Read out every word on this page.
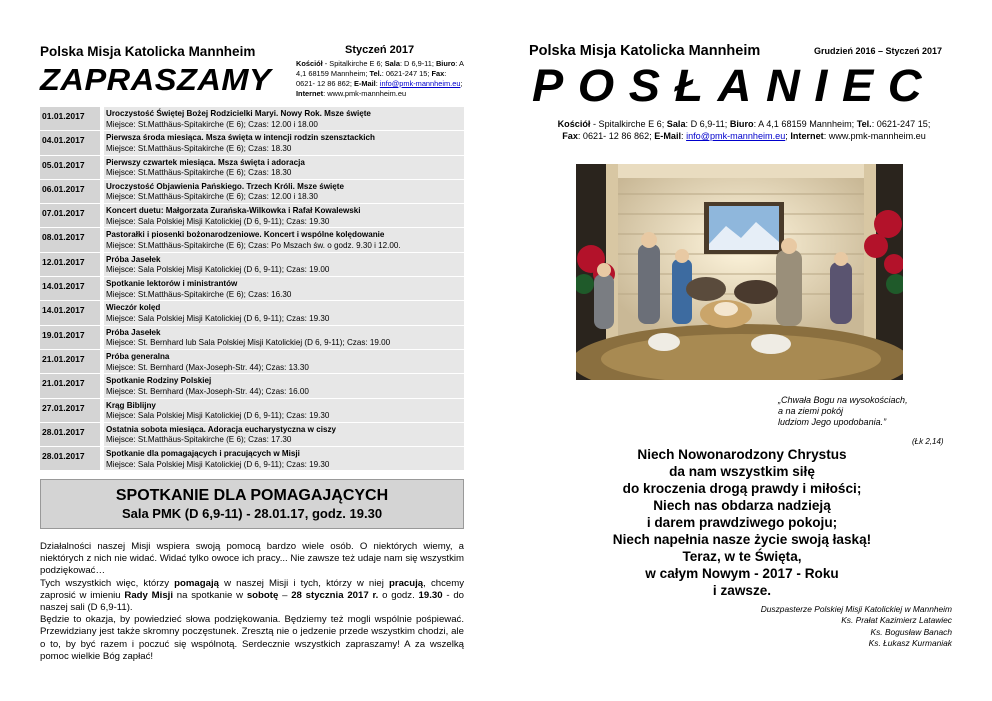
Polska Misja Katolicka Mannheim	Styczeń 2017
ZAPRASZAMY	Kościół - Spitalkirche E 6; Sala: D 6,9-11; Biuro: A 4,1 68159 Mannheim; Tel.: 0621-247 15; Fax: 0621- 12 86 862; E-Mail: info@pmk-mannheim.eu;
Internet: www.pmk-mannheim.eu
01.01.2017	Uroczystość Świętej Bożej Rodzicielki Maryi. Nowy Rok. Msze święte
Miejsce: St.Matthäus-Spitakirche (E 6); Czas: 12.00 i 18.00
04.01.2017	Pierwsza środa miesiąca. Msza święta w intencji rodzin szensztackich
Miejsce: St.Matthäus-Spitakirche (E 6); Czas: 18.30
05.01.2017	Pierwszy czwartek miesiąca. Msza święta i adoracja
Miejsce: St.Matthäus-Spitakirche (E 6); Czas: 18.30
06.01.2017	Uroczystość Objawienia Pańskiego. Trzech Króli. Msze święte
Miejsce: St.Matthäus-Spitakirche (E 6); Czas: 12.00 i 18.30
07.01.2017	Koncert duetu: Małgorzata Zurańska-Wilkowka i Rafał Kowalewski
Miejsce: Sala Polskiej Misji Katolickiej (D 6, 9-11); Czas: 19.30
08.01.2017	Pastorałki i piosenki bożonarodzeniowe. Koncert i wspólne kolędowanie
Miejsce: St.Matthäus-Spitakirche (E 6); Czas: Po Mszach św. o godz. 9.30 i 12.00.
12.01.2017	Próba Jasełek
Miejsce: Sala Polskiej Misji Katolickiej (D 6, 9-11); Czas: 19.00
14.01.2017	Spotkanie lektorów i ministrantów
Miejsce: St.Matthäus-Spitakirche (E 6); Czas: 16.30
14.01.2017	Wieczór kolęd
Miejsce: Sala Polskiej Misji Katolickiej (D 6, 9-11); Czas: 19.30
19.01.2017	Próba Jasełek
Miejsce: St. Bernhard lub Sala Polskiej Misji Katolickiej (D 6, 9-11); Czas: 19.00
21.01.2017	Próba generalna
Miejsce: St. Bernhard (Max-Joseph-Str. 44); Czas: 13.30
21.01.2017	Spotkanie Rodziny Polskiej
Miejsce: St. Bernhard (Max-Joseph-Str. 44); Czas: 16.00
27.01.2017	Krąg Biblijny
Miejsce: Sala Polskiej Misji Katolickiej (D 6, 9-11); Czas: 19.30
28.01.2017	Ostatnia sobota miesiąca. Adoracja eucharystyczna w ciszy
Miejsce: St.Matthäus-Spitakirche (E 6); Czas: 17.30
28.01.2017	Spotkanie dla pomagających i pracujących w Misji
Miejsce: Sala Polskiej Misji Katolickiej (D 6, 9-11); Czas: 19.30
SPOTKANIE DLA POMAGAJĄCYCH
Sala PMK (D 6,9-11) - 28.01.17, godz. 19.30
Działalności naszej Misji wspiera swoją pomocą bardzo wiele osób. O niektórych wiemy, a niektórych z nich nie widać. Widać tylko owoce ich pracy... Nie zawsze też udaje nam się wszystkim podziękować…
Tych wszystkich więc, którzy pomagają w naszej Misji i tych, którzy w niej pracują, chcemy zaprosić w imieniu Rady Misji na spotkanie w sobotę – 28 stycznia 2017 r. o godz. 19.30 - do naszej sali (D 6,9-11).
Będzie to okazja, by powiedzieć słowa podziękowania. Będziemy też mogli wspólnie pośpiewać. Przewidziany jest także skromny poczęstunek. Zresztą nie o jedzenie przede wszystkim chodzi, ale o to, by być razem i poczuć się wspólnotą. Serdecznie wszystkich zapraszamy! A za wszelką pomoc wielkie Bóg zapłać!
Polska Misja Katolicka Mannheim	Grudzień 2016 – Styczeń 2017
POSŁANIEC
Kościół - Spitalkirche E 6; Sala: D 6,9-11; Biuro: A 4,1 68159 Mannheim; Tel.: 0621-247 15;
Fax: 0621- 12 86 862; E-Mail: info@pmk-mannheim.eu; Internet: www.pmk-mannheim.eu
„Chwała Bogu na wysokościach,
a na ziemi pokój
ludziom Jego upodobania.”
(Łk 2,14)
Niech Nowonarodzony Chrystus
da nam wszystkim siłę
do kroczenia drogą prawdy i miłości;
Niech nas obdarza nadzieją
i darem prawdziwego pokoju;
Niech napełnia nasze życie swoją łaską!
Teraz, w te Święta,
w całym Nowym - 2017 - Roku
i zawsze.
Duszpasterze Polskiej Misji Katolickiej w Mannheim
Ks. Prałat Kazimierz Latawiec
Ks. Bogusław Banach
Ks. Łukasz Kurmaniak
